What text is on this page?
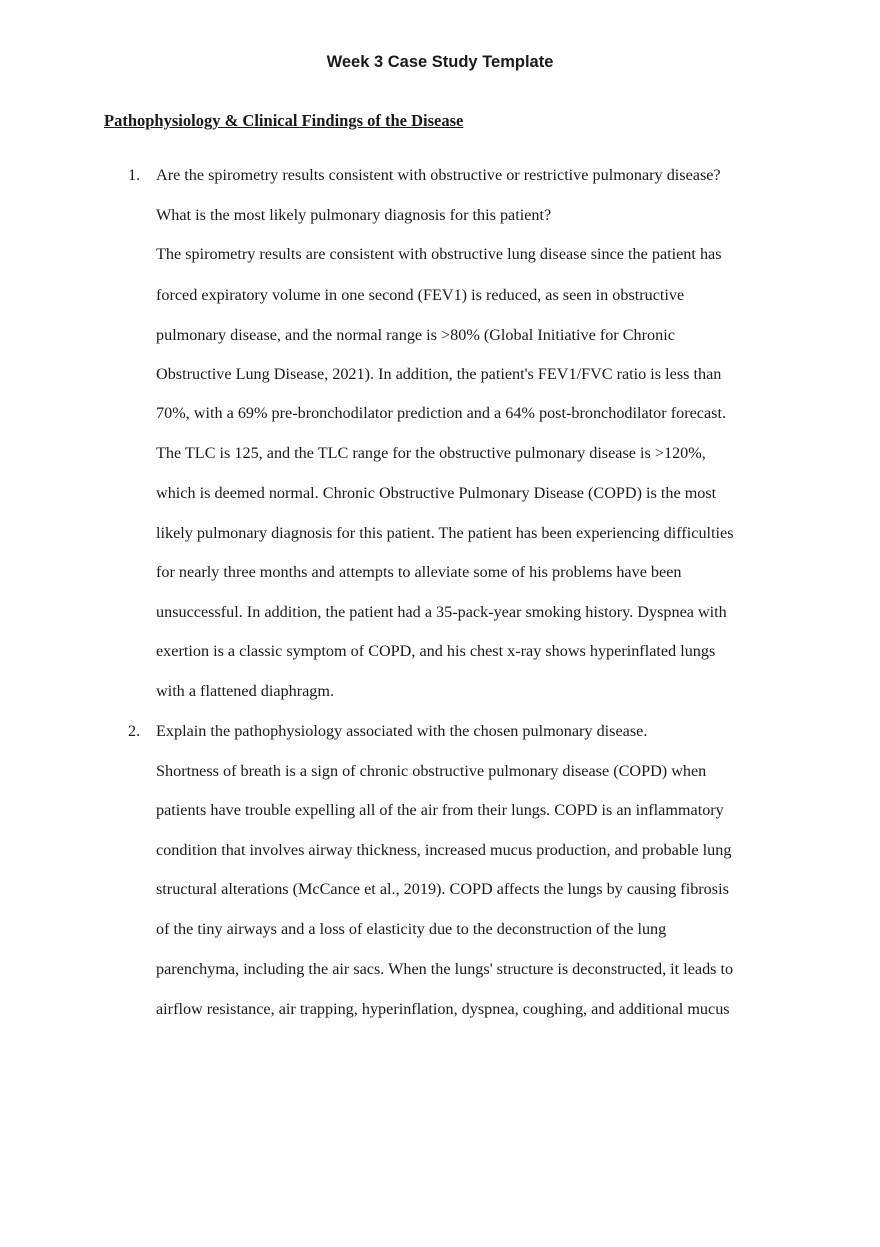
Week 3 Case Study Template
Pathophysiology & Clinical Findings of the Disease

1. Are the spirometry results consistent with obstructive or restrictive pulmonary disease?

What is the most likely pulmonary diagnosis for this patient?

The spirometry results are consistent with obstructive lung disease since the patient has

forced expiratory volume in one second (FEV1) is reduced, as seen in obstructive

pulmonary disease, and the normal range is >80% (Global Initiative for Chronic

Obstructive Lung Disease, 2021). In addition, the patient's FEV1/FVC ratio is less than

70%, with a 69% pre-bronchodilator prediction and a 64% post-bronchodilator forecast.

The TLC is 125, and the TLC range for the obstructive pulmonary disease is >120%,

which is deemed normal. Chronic Obstructive Pulmonary Disease (COPD) is the most

likely pulmonary diagnosis for this patient. The patient has been experiencing difficulties

for nearly three months and attempts to alleviate some of his problems have been

unsuccessful. In addition, the patient had a 35-pack-year smoking history. Dyspnea with

exertion is a classic symptom of COPD, and his chest x-ray shows hyperinflated lungs

with a flattened diaphragm.

2. Explain the pathophysiology associated with the chosen pulmonary disease.

Shortness of breath is a sign of chronic obstructive pulmonary disease (COPD) when

patients have trouble expelling all of the air from their lungs. COPD is an inflammatory

condition that involves airway thickness, increased mucus production, and probable lung

structural alterations (McCance et al., 2019). COPD affects the lungs by causing fibrosis

of the tiny airways and a loss of elasticity due to the deconstruction of the lung

parenchyma, including the air sacs. When the lungs' structure is deconstructed, it leads to

airflow resistance, air trapping, hyperinflation, dyspnea, coughing, and additional mucus
